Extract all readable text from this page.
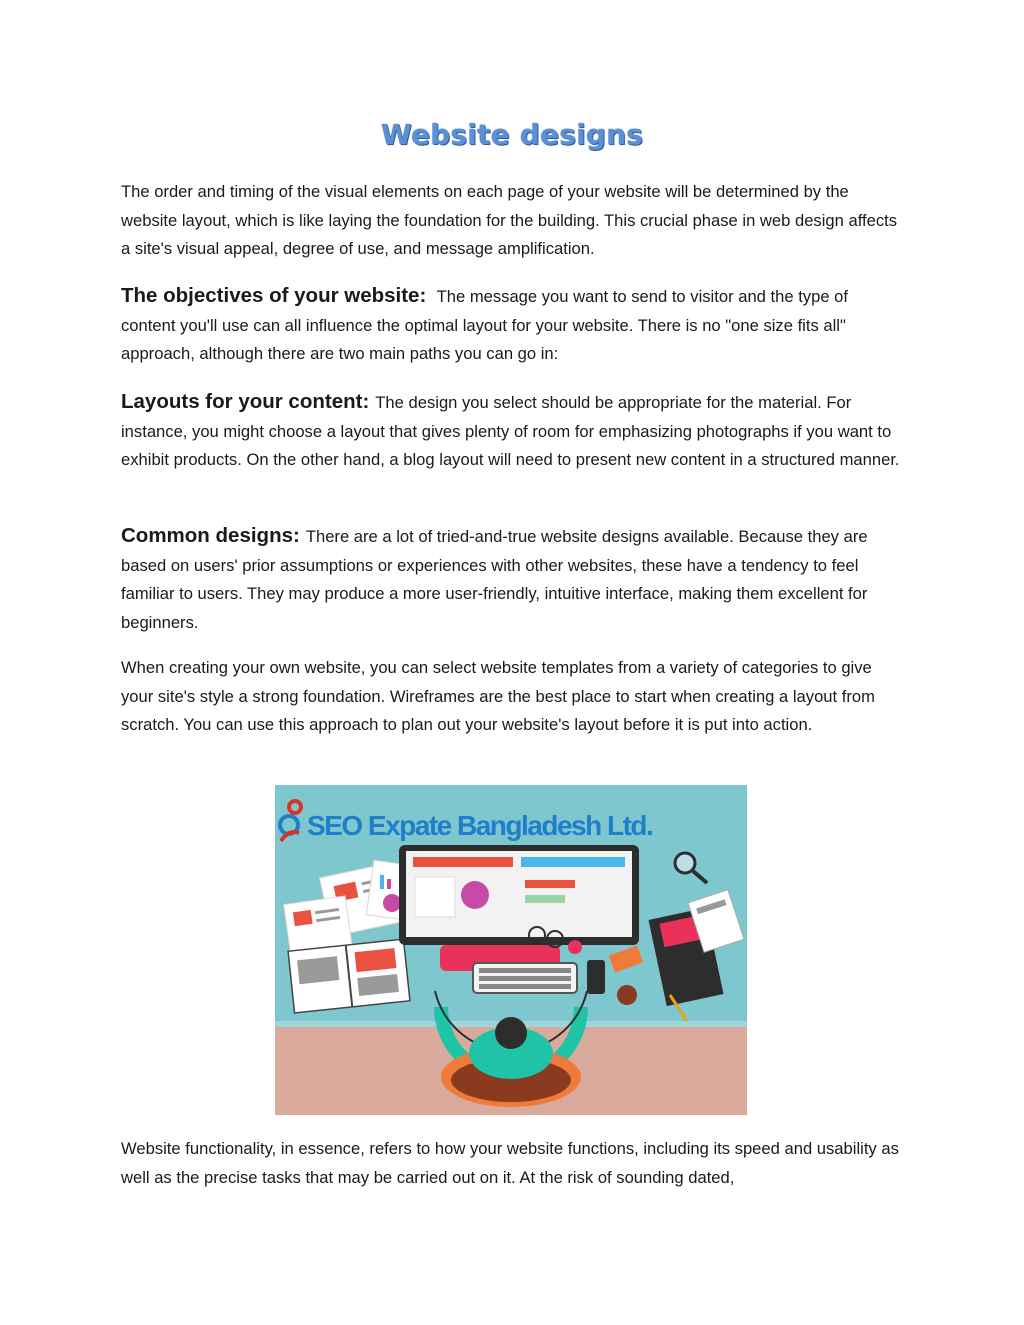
Website designs

The order and timing of the visual elements on each page of your website will be determined by the website layout, which is like laying the foundation for the building. This crucial phase in web design affects a site's visual appeal, degree of use, and message amplification.

The objectives of your website: The message you want to send to visitor and the type of content you'll use can all influence the optimal layout for your website. There is no "one size fits all" approach, although there are two main paths you can go in:

Layouts for your content: The design you select should be appropriate for the material. For instance, you might choose a layout that gives plenty of room for emphasizing photographs if you want to exhibit products. On the other hand, a blog layout will need to present new content in a structured manner.

Common designs: There are a lot of tried-and-true website designs available. Because they are based on users' prior assumptions or experiences with other websites, these have a tendency to feel familiar to users. They may produce a more user-friendly, intuitive interface, making them excellent for beginners.

When creating your own website, you can select website templates from a variety of categories to give your site's style a strong foundation. Wireframes are the best place to start when creating a layout from scratch. You can use this approach to plan out your website's layout before it is put into action.

SEO Expate Bangladesh Ltd.

Website functionality, in essence, refers to how your website functions, including its speed and usability as well as the precise tasks that may be carried out on it. At the risk of sounding dated,
